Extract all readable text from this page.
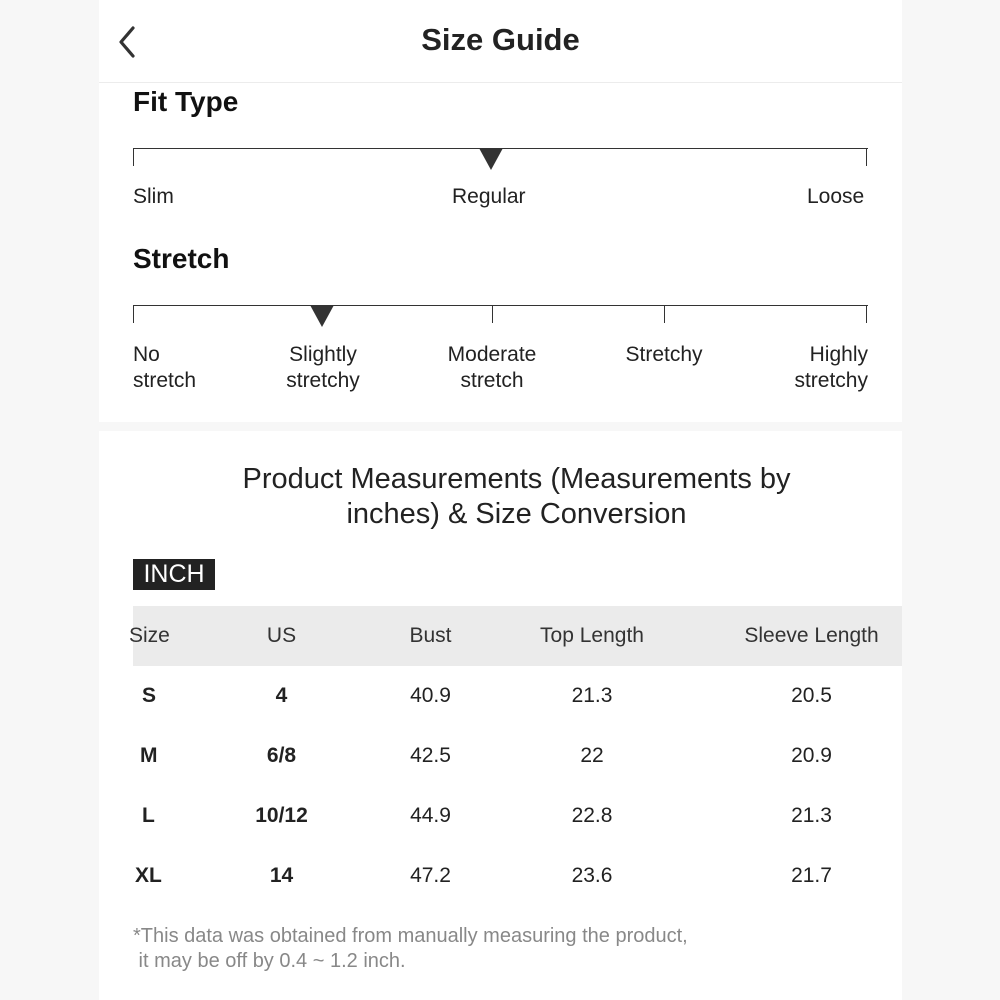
Size Guide
Fit Type
Slim	Regular	Loose
Stretch
No
stretch
Slightly
stretchy
Moderate
stretch
Stretchy	Highly
stretchy
Product Measurements (Measurements by
inches) & Size Conversion
INCH
Size	US	Bust	Top Length	Sleeve Length
S	4	40.9	21.3	20.5
M	6/8	42.5	22	20.9
L	10/12	44.9	22.8	21.3
XL	14	47.2	23.6	21.7
*This data was obtained from manually measuring the product,
it may be off by 0.4 ~ 1.2 inch.
